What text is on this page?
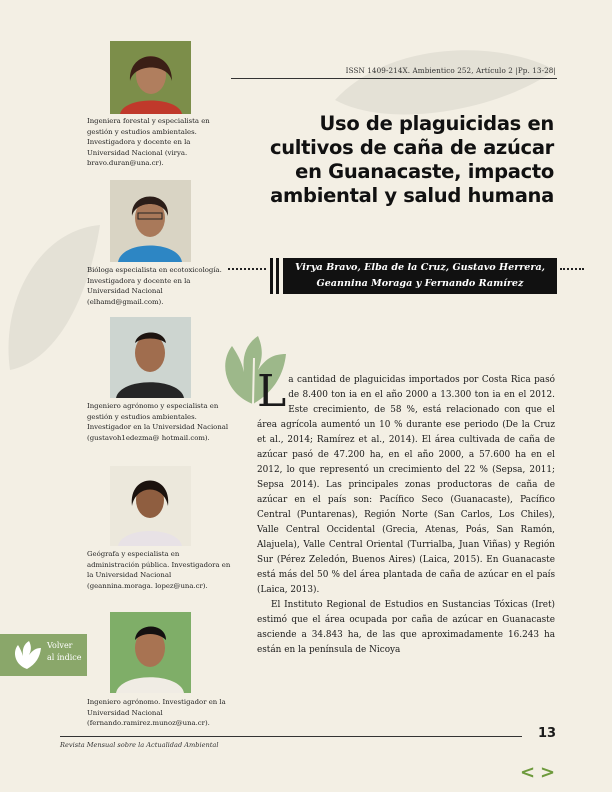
ISSN 1409-214X. Ambientico 252, Artículo 2 |Pp. 13-28|
Uso de plaguicidas en cultivos de caña de azúcar en Guanacaste, impacto ambiental y salud humana
Virya Bravo, Elba de la Cruz, Gustavo Herrera,
Geannina Moraga y Fernando Ramírez
Ingeniera forestal y especialista en gestión y estudios ambientales. Investigadora y docente en la Universidad Nacional (virya. bravo.duran@una.cr).
Bióloga especialista en ecotoxicología. Investigadora y docente en la Universidad Nacional (elhamd@gmail.com).
Ingeniero agrónomo y especialista en gestión y estudios ambientales. Investigador en la Universidad Nacional (gustavoh1edezma@ hotmail.com).
Geógrafa y especialista en administración pública. Investigadora en la Universidad Nacional (geannina.moraga. lopez@una.cr).
Ingeniero agrónomo. Investigador en la Universidad Nacional (fernando.ramirez.munoz@una.cr).

La cantidad de plaguicidas importados por Costa Rica pasó de 8.400 ton ia en el año 2000 a 13.300 ton ia en el 2012. Este crecimiento, de 58 %, está relacionado con que el área agrícola aumentó un 10 % durante ese periodo (De la Cruz et al., 2014; Ramírez et al., 2014). El área cultivada de caña de azúcar pasó de 47.200 ha, en el año 2000, a 57.600 ha en el 2012, lo que representó un crecimiento del 22 % (Sepsa, 2011; Sepsa 2014). Las principales zonas productoras de caña de azúcar en el país son: Pacífico Seco (Guanacaste), Pacífico Central (Puntarenas), Región Norte (San Carlos, Los Chiles), Valle Central Occidental (Grecia, Atenas, Poás, San Ramón, Alajuela), Valle Central Oriental (Turrialba, Juan Viñas) y Región Sur (Pérez Zeledón, Buenos Aires) (Laica, 2015). En Guanacaste está más del 50 % del área plantada de caña de azúcar en el país (Laica, 2013).

El Instituto Regional de Estudios en Sustancias Tóxicas (Iret) estimó que el área ocupada por caña de azúcar en Guanacaste asciende a 34.843 ha, de las que aproximadamente 16.243 ha están en la península de Nicoya

Volver
al índice
13
Revista Mensual sobre la Actualidad Ambiental
< >
